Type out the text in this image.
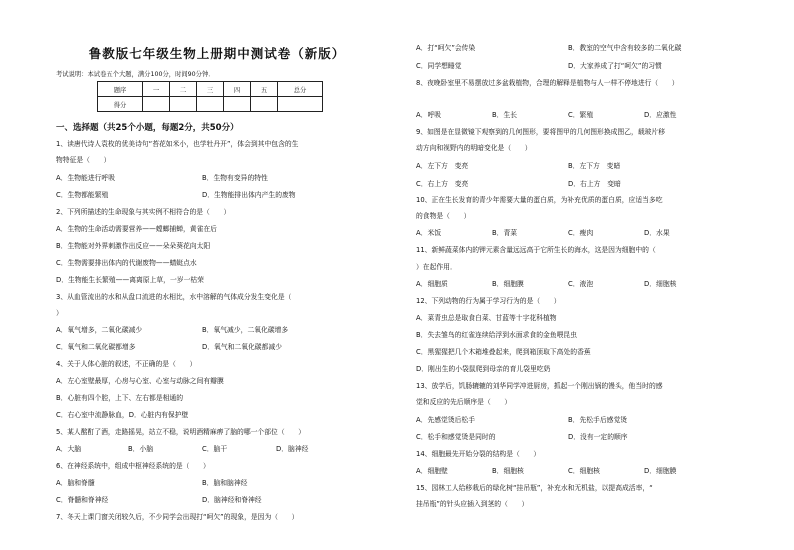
鲁教版七年级生物上册期中测试卷（新版）
考试说明：本试卷五个大题，满分100分，时间90分钟．
题序	一	二	三	四	五	总分
得分						
一、选择题（共25个小题，每题2分，共50分）
1、读唐代诗人袁枚的优美诗句“苔花如米小，也学牡丹开”，体会到其中包含的生
物特征是（　　）
A．生物能进行呼吸	B．生物有变异的特性
C．生物都能繁殖	D．生物能排出体内产生的废物
2、下列所描述的生命现象与其实例不相符合的是（　　）
A．生物的生命活动需要营养——螳螂捕蝉，黄雀在后
B．生物能对外界刺激作出反应——朵朵葵花向太阳
C．生物需要排出体内的代谢废物——蜻蜓点水
D．生物能生长繁殖——离离原上草，一岁一枯荣
3、从血管流出的水和从盘口流进的水相比，水中溶解的气体成分发生变化是（
）
A．氧气增多，二氧化碳减少	B．氧气减少，二氧化碳增多
C．氧气和二氧化碳都增多	D．氧气和二氧化碳都减少
4、关于人体心脏的叙述，不正确的是（　　）
A．左心室壁最厚，心房与心室、心室与动脉之间有瓣膜
B．心脏有四个腔，上下、左右都是相通的
C．右心室中流静脉血，D．心脏内有保护壁
5、某人酩酊了酒，走路摇晃，站立不稳，说明酒精麻痹了脑的哪一个部位（　　）
A．大脑	B．小脑	C．脑干	D．脑神经
6、在神经系统中，组成中枢神经系统的是（　　）
A．脑和脊髓	B．脑和脑神经
C．脊髓和脊神经	D．脑神经和脊神经
7、冬天上课门窗关闭较久后，不少同学会出现打“呵欠”的现象，是因为（　　）
A．打“呵欠”会传染	B．教室的空气中含有较多的二氧化碳
C．同学想睡觉	D．大家养成了打“呵欠”的习惯
8、夜晚卧室里不易摆放过多盆栽植物，合理的解释是植物与人一样不停地进行（　　）
A．呼吸	B．生长	C．繁殖	D．应激性
9、如图是在显微镜下观察到的几何图形，要将图甲的几何图形换成图乙，载玻片移
动方向和视野内的明暗变化是（　　）
A．左下方　变亮	B．左下方　变暗
C．右上方　变亮	D．右上方　变暗
10、正在生长发育的青少年需要大量的蛋白质，为补充优质的蛋白质，应适当多吃
的食物是（　　）
A．米饭	B．青菜	C．瘦肉	D．水果
11、新鲜蔬菜体内的钾元素含量远远高于它所生长的海水，这是因为细胞中的（
）在起作用．
A．细胞质	B．细胞膜	C．液泡	D．细胞核
12、下列动物的行为属于学习行为的是（　　）
A．菜青虫总是取食白菜、甘蓝等十字花科植物
B．失去雏鸟的红雀连续给浮到水面求食的金鱼喂昆虫
C．黑猩猩把几个木箱堆叠起来，爬到箱顶取下高处的香蕉
D．刚出生的小袋鼠爬到母亲的育儿袋里吃奶
13、放学后，饥肠辘辘的刘华同学冲进厨房，抓起一个刚出锅的馒头，他当时的感
觉和反应的先后顺序是（　　）
A．先感觉烫后松手	B．先松手后感觉烫
C．松手和感觉烫是同时的	D．没有一定的顺序
14、细胞最先开始分裂的结构是（　　）
A．细胞壁	B．细胞核	C．细胞核	D．细胞膜
15、园林工人给移栽后的绿化树“挂吊瓶”，补充水和无机盐，以提高成活率，“
挂吊瓶”的针头应插入到茎的（　　）
